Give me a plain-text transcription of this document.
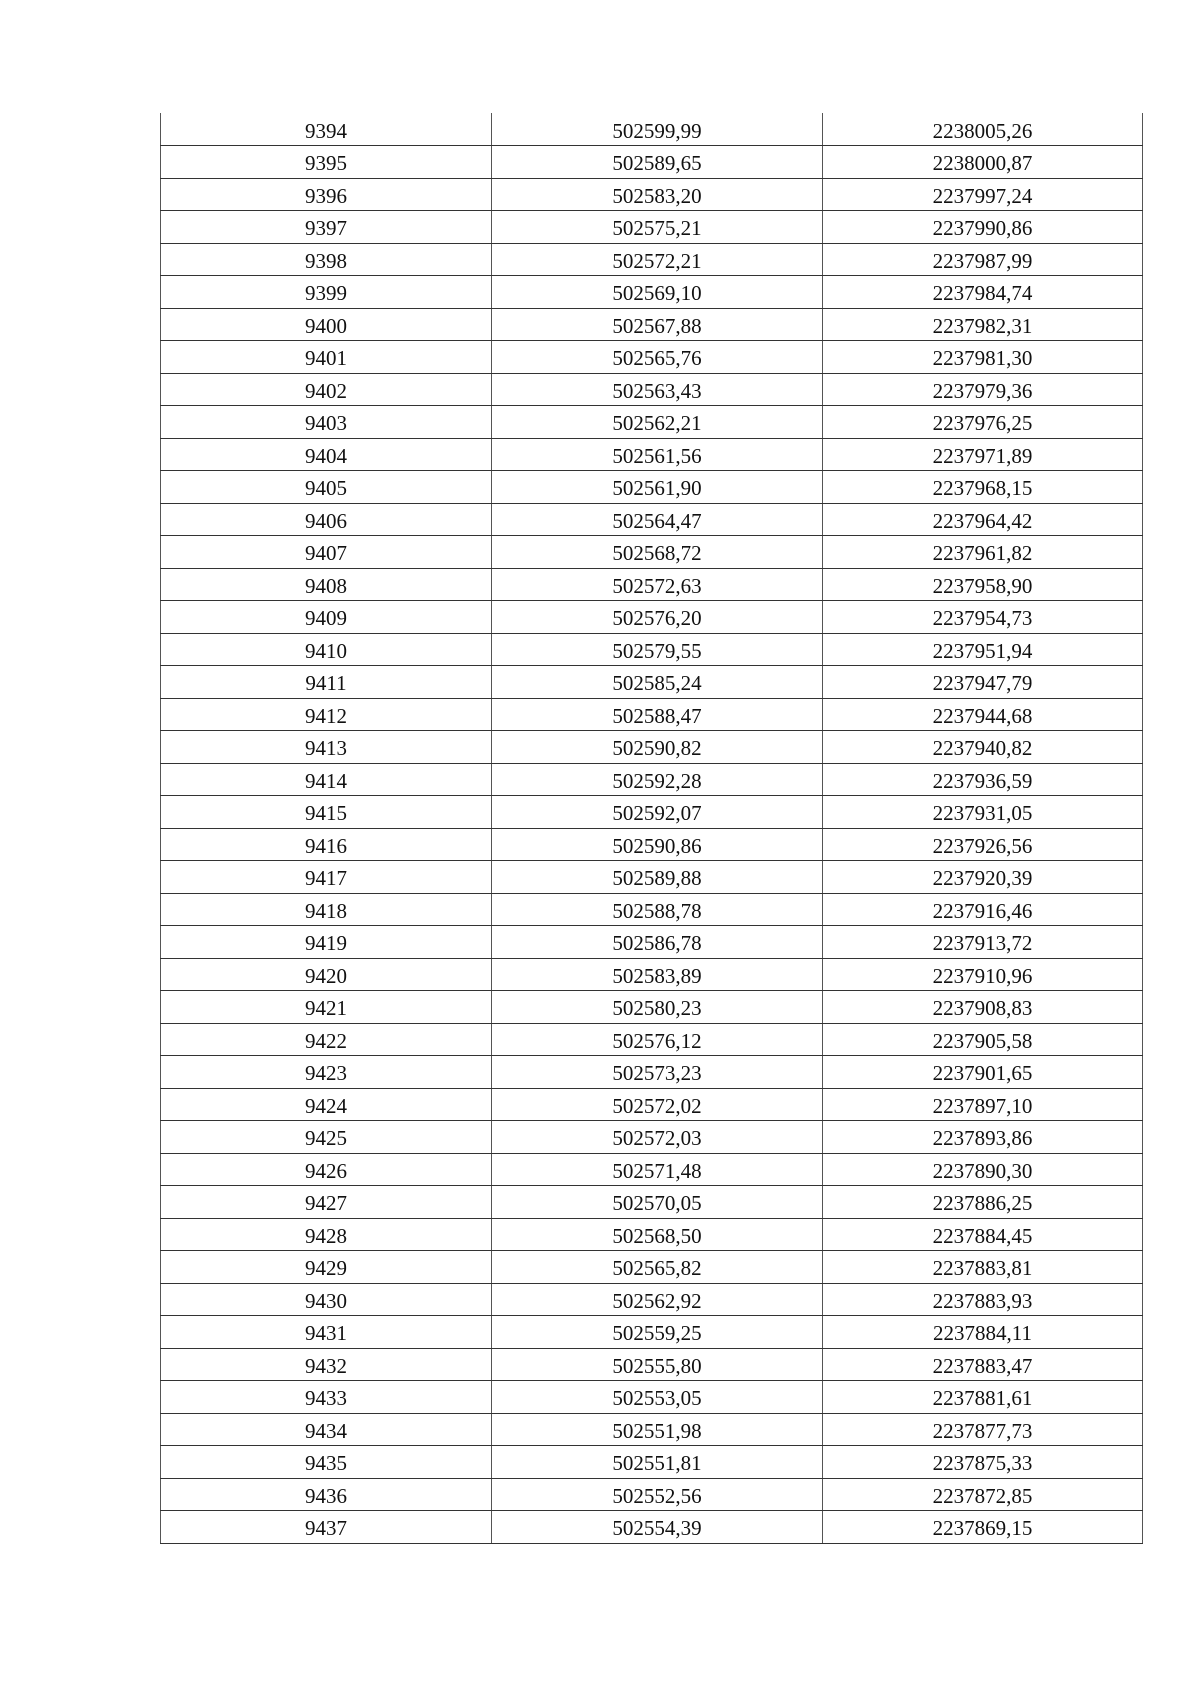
9394	502599,99	2238005,26
9395	502589,65	2238000,87
9396	502583,20	2237997,24
9397	502575,21	2237990,86
9398	502572,21	2237987,99
9399	502569,10	2237984,74
9400	502567,88	2237982,31
9401	502565,76	2237981,30
9402	502563,43	2237979,36
9403	502562,21	2237976,25
9404	502561,56	2237971,89
9405	502561,90	2237968,15
9406	502564,47	2237964,42
9407	502568,72	2237961,82
9408	502572,63	2237958,90
9409	502576,20	2237954,73
9410	502579,55	2237951,94
9411	502585,24	2237947,79
9412	502588,47	2237944,68
9413	502590,82	2237940,82
9414	502592,28	2237936,59
9415	502592,07	2237931,05
9416	502590,86	2237926,56
9417	502589,88	2237920,39
9418	502588,78	2237916,46
9419	502586,78	2237913,72
9420	502583,89	2237910,96
9421	502580,23	2237908,83
9422	502576,12	2237905,58
9423	502573,23	2237901,65
9424	502572,02	2237897,10
9425	502572,03	2237893,86
9426	502571,48	2237890,30
9427	502570,05	2237886,25
9428	502568,50	2237884,45
9429	502565,82	2237883,81
9430	502562,92	2237883,93
9431	502559,25	2237884,11
9432	502555,80	2237883,47
9433	502553,05	2237881,61
9434	502551,98	2237877,73
9435	502551,81	2237875,33
9436	502552,56	2237872,85
9437	502554,39	2237869,15
